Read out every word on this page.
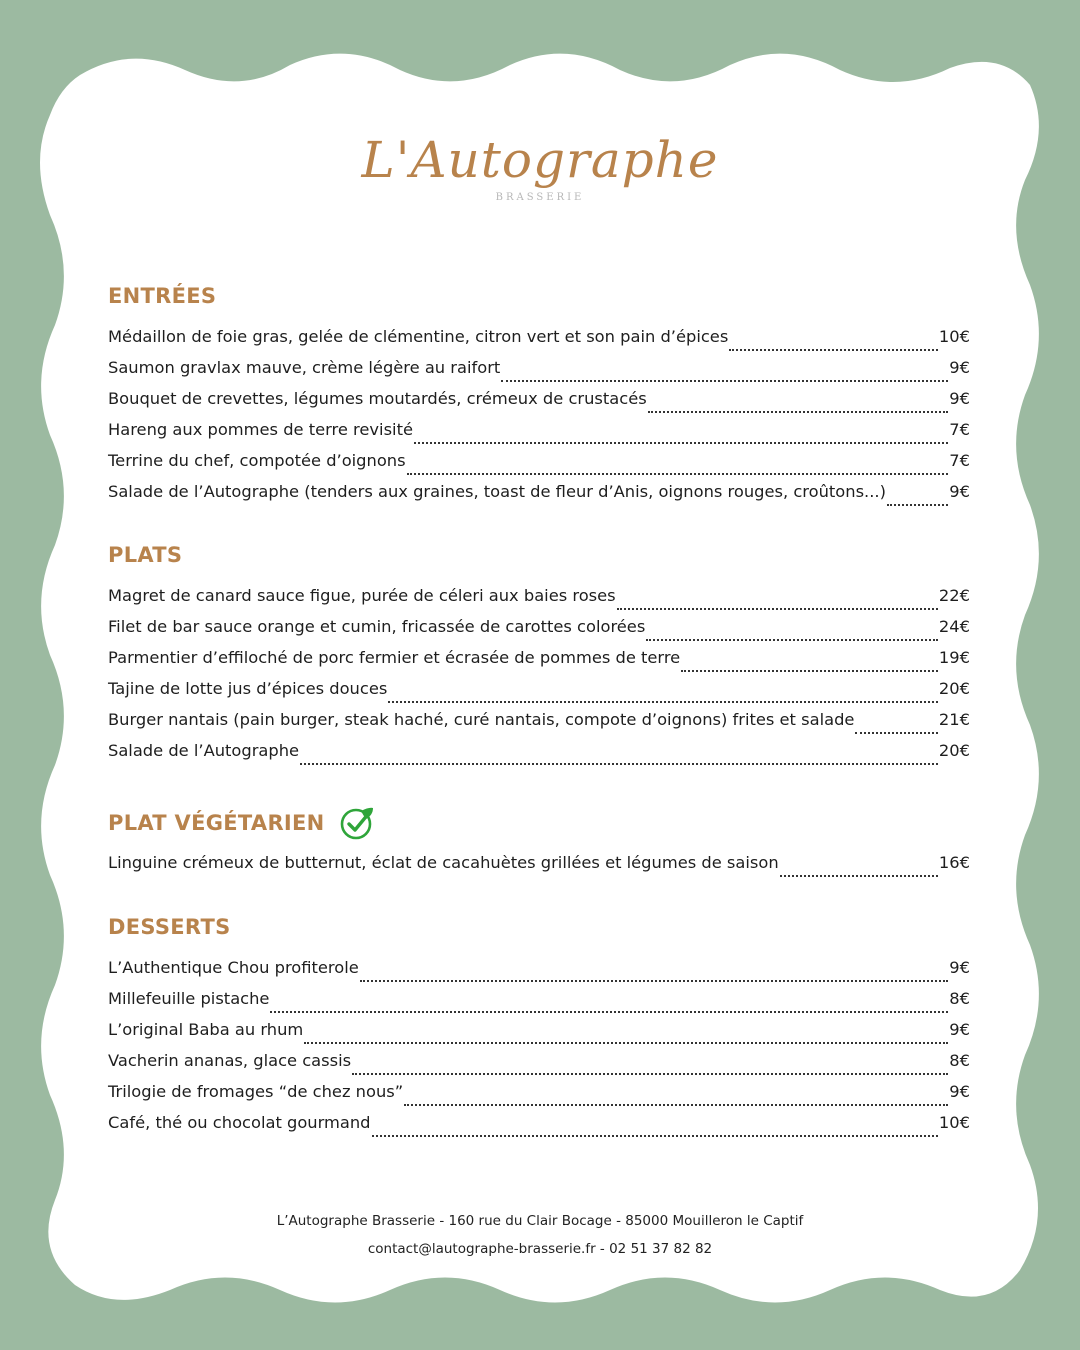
L'Autographe
BRASSERIE
ENTRÉES
Médaillon de foie gras, gelée de clémentine, citron vert et son pain d’épices	10€
Saumon gravlax mauve, crème légère au raifort	9€
Bouquet de crevettes, légumes moutardés, crémeux de crustacés	9€
Hareng aux pommes de terre revisité	7€
Terrine du chef, compotée d’oignons	7€
Salade de l’Autographe (tenders aux graines, toast de fleur d’Anis, oignons rouges, croûtons...)	9€
PLATS
Magret de canard sauce figue, purée de céleri aux baies roses	22€
Filet de bar sauce orange et cumin, fricassée de carottes colorées	24€
Parmentier d’effiloché de porc fermier et écrasée de pommes de terre	19€
Tajine de lotte jus d’épices douces	20€
Burger nantais (pain burger, steak haché, curé nantais, compote d’oignons) frites et salade	21€
Salade de l’Autographe	20€
PLAT VÉGÉTARIEN
Linguine crémeux de butternut, éclat de cacahuètes grillées et légumes de saison	16€
DESSERTS
L’Authentique Chou profiterole	9€
Millefeuille pistache	8€
L’original Baba au rhum	9€
Vacherin ananas, glace cassis	8€
Trilogie de fromages “de chez nous”	9€
Café, thé ou chocolat gourmand	10€
L’Autographe Brasserie - 160 rue du Clair Bocage - 85000 Mouilleron le Captif
contact@lautographe-brasserie.fr - 02 51 37 82 82
